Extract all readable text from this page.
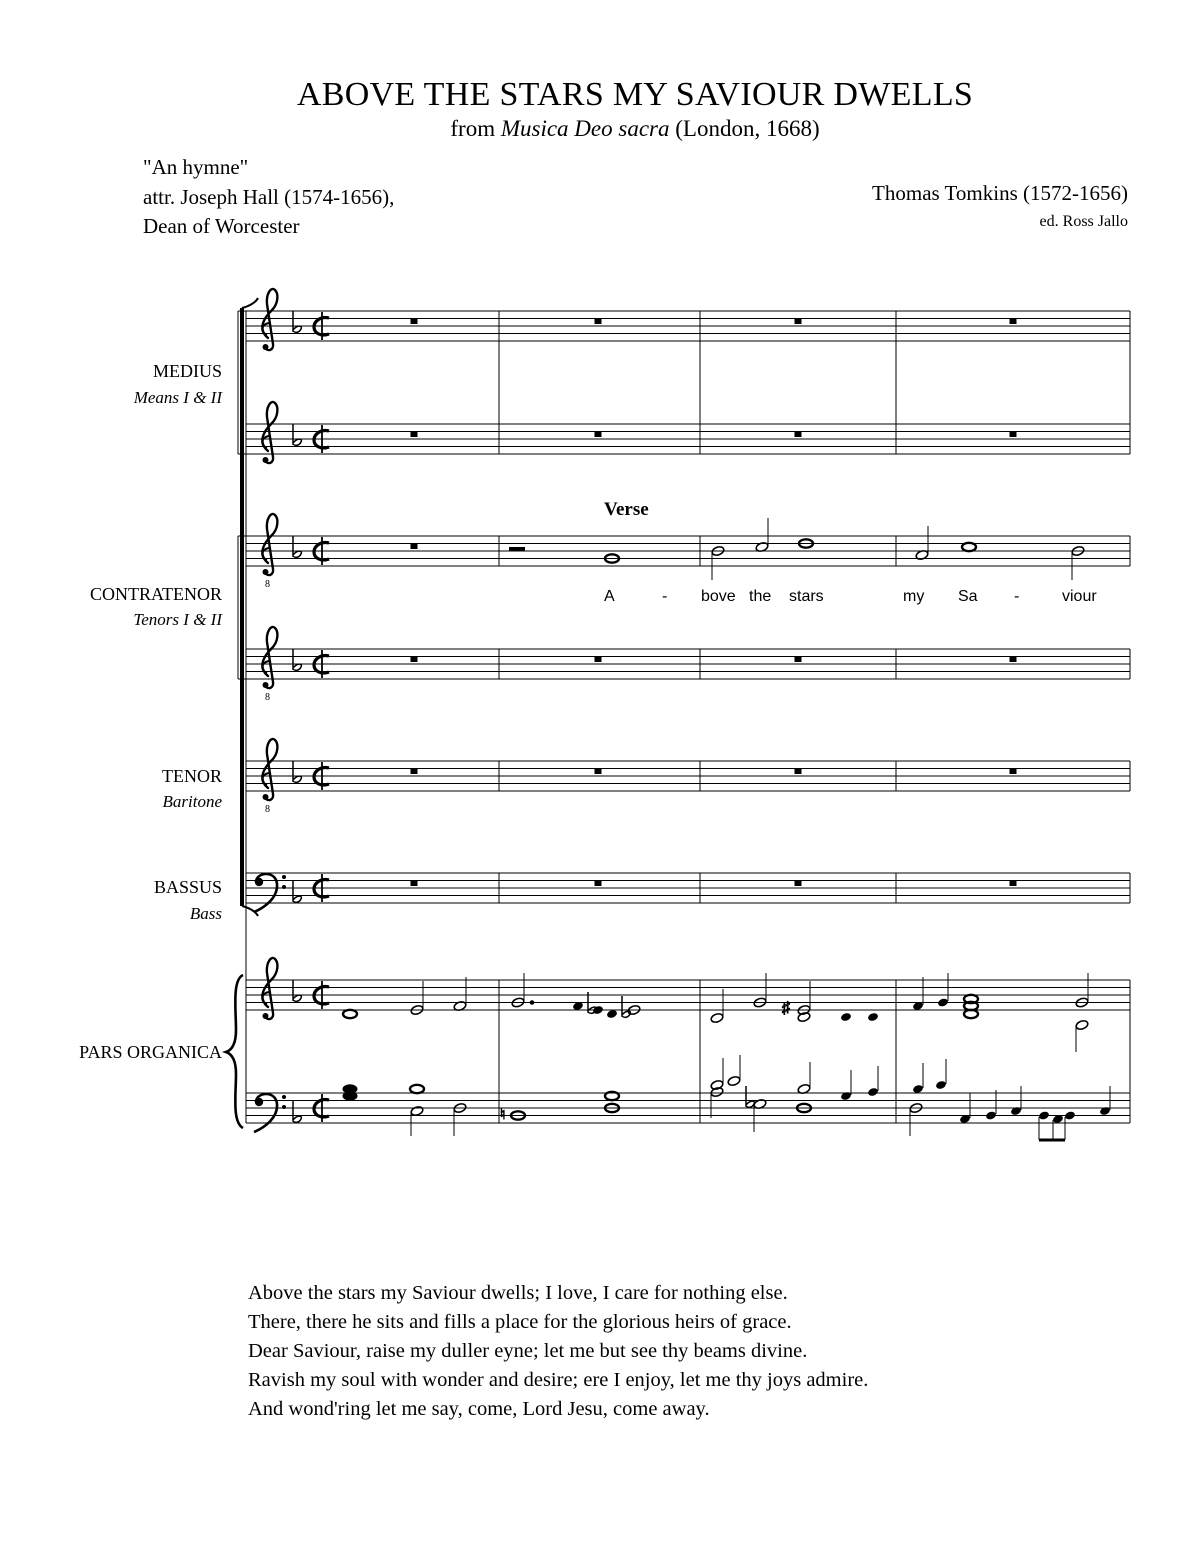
ABOVE THE STARS MY SAVIOUR DWELLS
from Musica Deo sacra (London, 1668)
"An hymne"
attr. Joseph Hall (1574-1656),
Dean of Worcester
Thomas Tomkins (1572-1656)
ed. Ross Jallo
MEDIUS
Means I & II
CONTRATENOR
Tenors I & II
TENOR
Baritone
BASSUS
Bass
PARS ORGANICA
8
8
8
♯
♮
Verse
A	- bove the stars	my Sa -	viour
Above the stars my Saviour dwells; I love, I care for nothing else.
There, there he sits and fills a place for the glorious heirs of grace.
Dear Saviour, raise my duller eyne; let me but see thy beams divine.
Ravish my soul with wonder and desire; ere I enjoy, let me thy joys admire.
And wond'ring let me say, come, Lord Jesu, come away.
